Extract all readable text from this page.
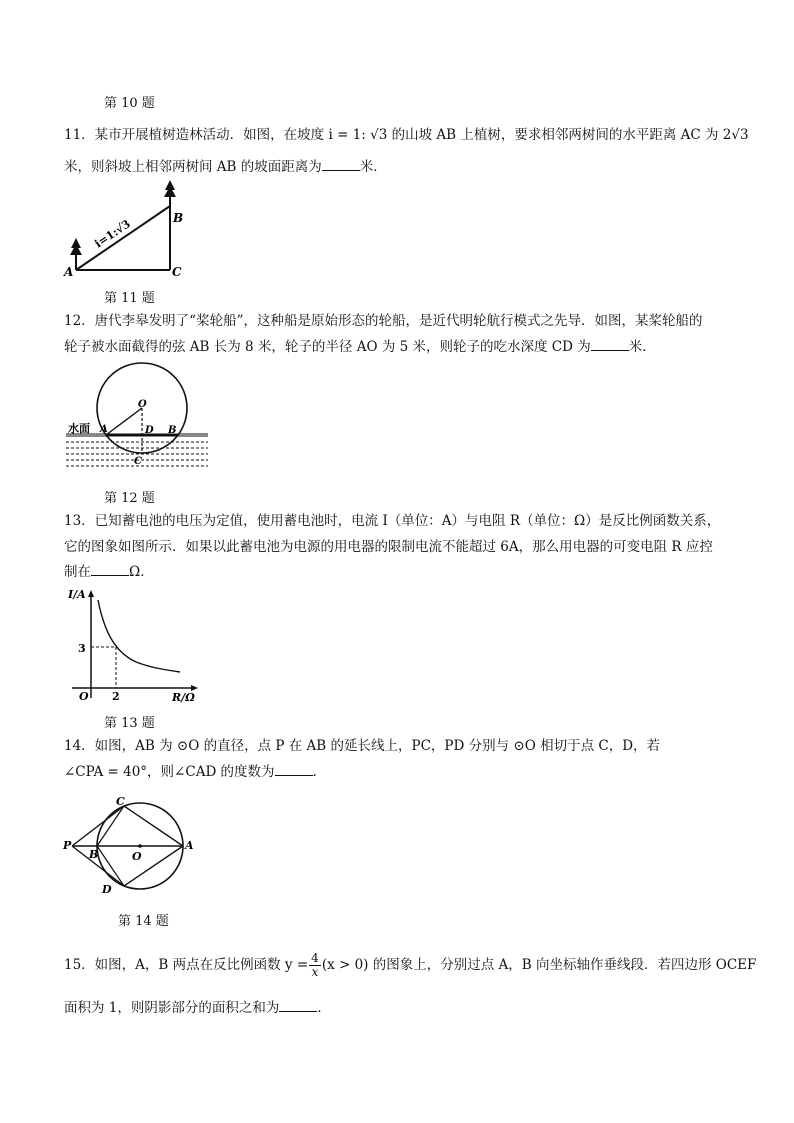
第 10 题
11．某市开展植树造林活动．如图，在坡度 i = 1: √3 的山坡 AB 上植树，要求相邻两树间的水平距离 AC 为 2√3
米，则斜坡上相邻两树间 AB 的坡面距离为	米．
i=1:√3
A
B
C
第 11 题
12．唐代李皋发明了“桨轮船”，这种船是原始形态的轮船，是近代明轮航行模式之先导．如图，某桨轮船的
轮子被水面截得的弦 AB 长为 8 米，轮子的半径 AO 为 5 米，则轮子的吃水深度 CD 为	米．
O
A	B
D
C
水面
第 12 题
13．已知蓄电池的电压为定值，使用蓄电池时，电流 I（单位：A）与电阻 R（单位：Ω）是反比例函数关系，
它的图象如图所示．如果以此蓄电池为电源的用电器的限制电流不能超过 6A，那么用电器的可变电阻 R 应控
制在	Ω．
I/A
3
2
O	R/Ω
第 13 题
14．如图，AB 为 ⊙O 的直径，点 P 在 AB 的延长线上，PC，PD 分别与 ⊙O 相切于点 C，D，若
∠CPA = 40°，则∠CAD 的度数为	．
P
B	O
A
C
D
第 14 题
15．如图，A，B 两点在反比例函数 $y = \frac{4}{x} (x > 0)$ 的图象上，分别过点 A，B 向坐标轴作垂线段．若四边形 OCEF
面积为 1，则阴影部分的面积之和为	．
